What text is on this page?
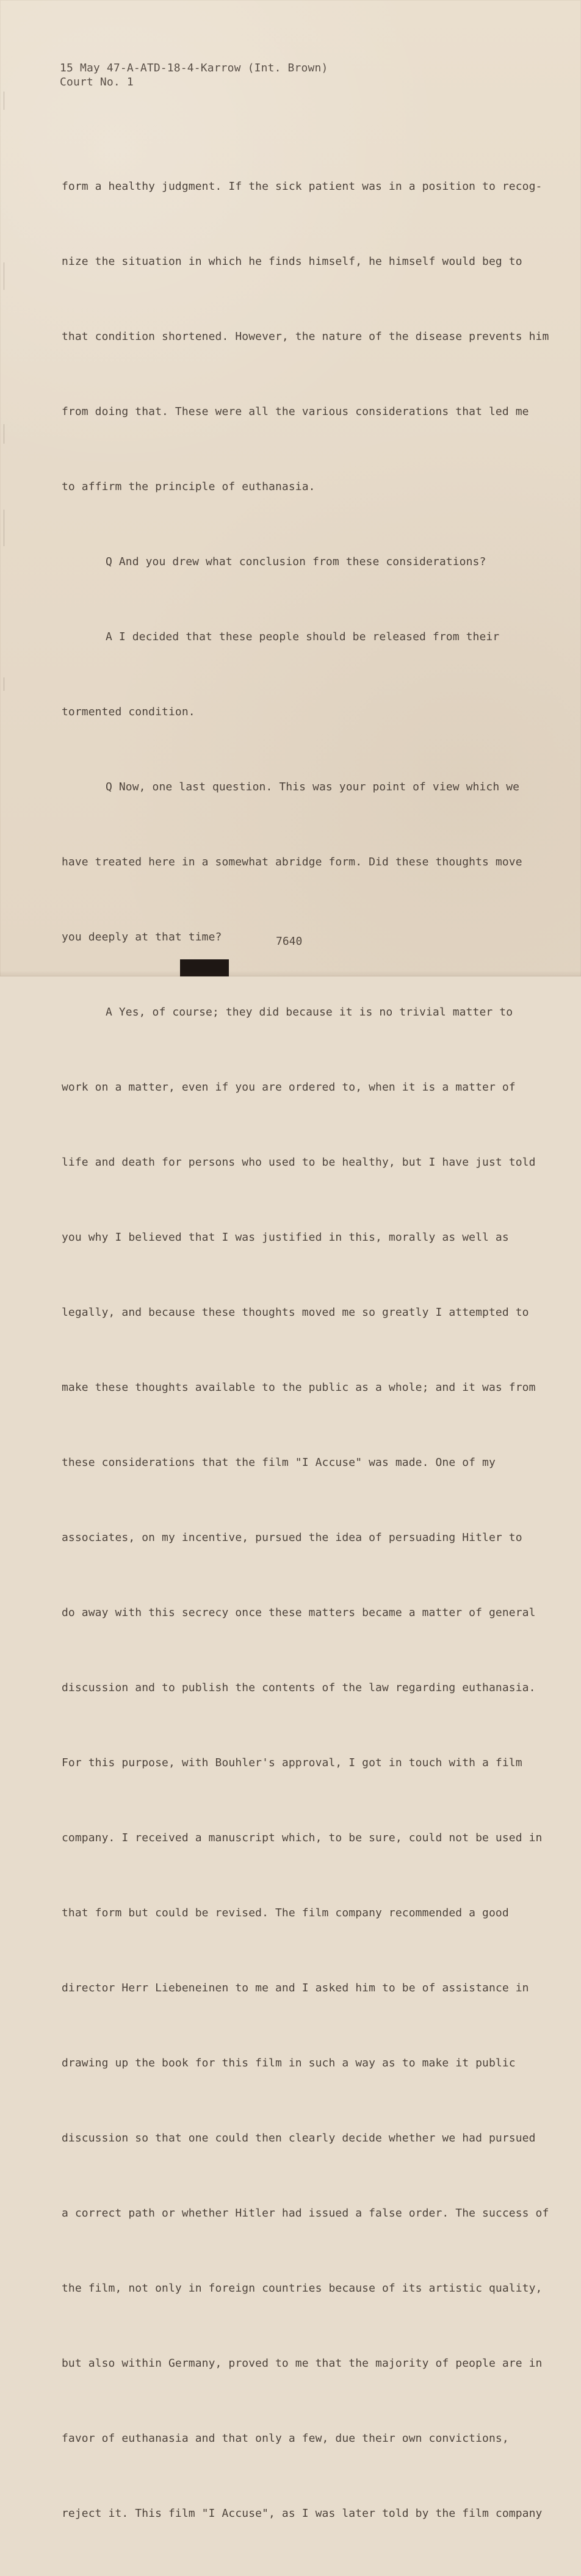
15 May 47-A-ATD-18-4-Karrow (Int. Brown)
Court No. 1

form a healthy judgment. If the sick patient was in a position to recog-

nize the situation in which he finds himself, he himself would beg to

that condition shortened. However, the nature of the disease prevents him

from doing that. These were all the various considerations that led me

to affirm the principle of euthanasia.

Q And you drew what conclusion from these considerations?

A I decided that these people should be released from their

tormented condition.

Q Now, one last question. This was your point of view which we

have treated here in a somewhat abridge form. Did these thoughts move

you deeply at that time?

A Yes, of course; they did because it is no trivial matter to

work on a matter, even if you are ordered to, when it is a matter of

life and death for persons who used to be healthy, but I have just told

you why I believed that I was justified in this, morally as well as

legally, and because these thoughts moved me so greatly I attempted to

make these thoughts available to the public as a whole; and it was from

these considerations that the film "I Accuse" was made. One of my

associates, on my incentive, pursued the idea of persuading Hitler to

do away with this secrecy once these matters became a matter of general

discussion and to publish the contents of the law regarding euthanasia.

For this purpose, with Bouhler's approval, I got in touch with a film

company. I received a manuscript which, to be sure, could not be used in

that form but could be revised. The film company recommended a good

director Herr Liebeneinen to me and I asked him to be of assistance in

drawing up the book for this film in such a way as to make it public

discussion so that one could then clearly decide whether we had pursued

a correct path or whether Hitler had issued a false order. The success of

the film, not only in foreign countries because of its artistic quality,

but also within Germany, proved to me that the majority of people are in

favor of euthanasia and that only a few, due their own convictions,

reject it. This film "I Accuse", as I was later told by the film company

7640
